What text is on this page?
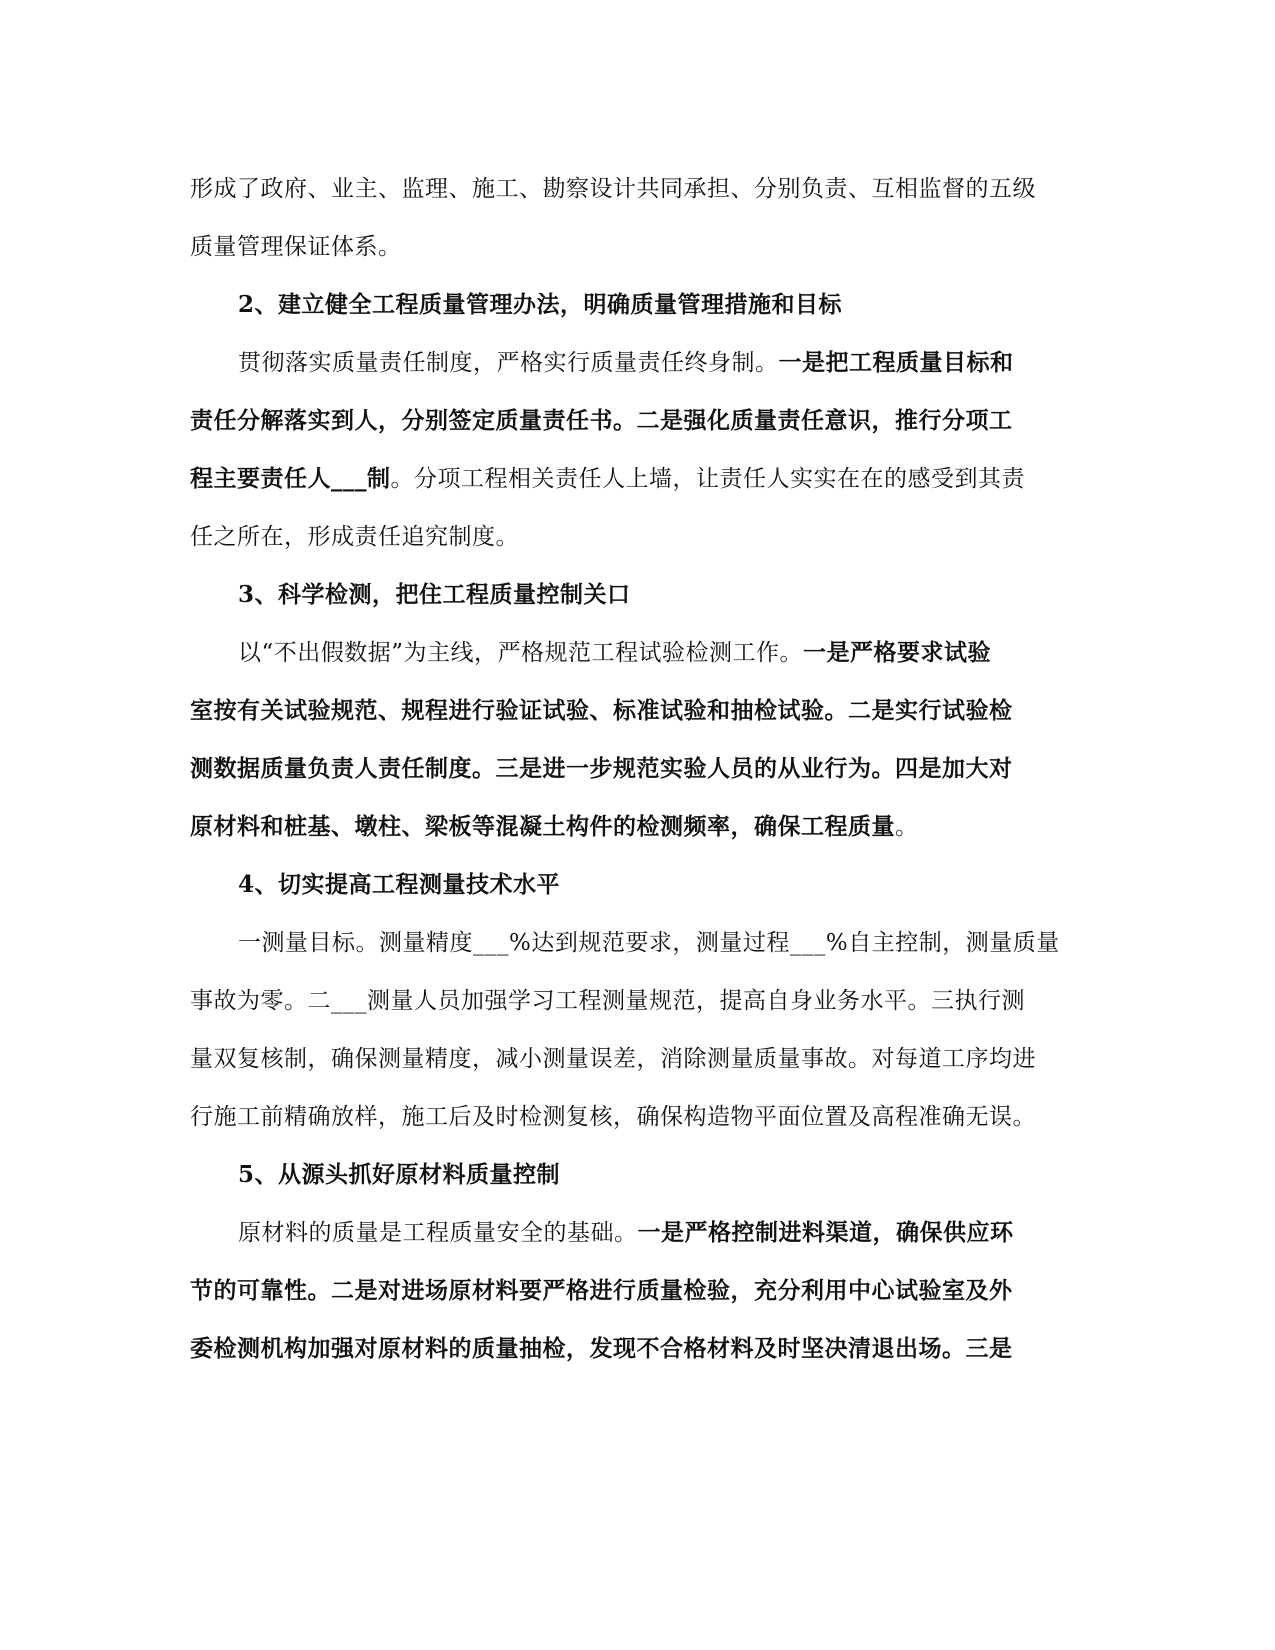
形成了政府、业主、监理、施工、勘察设计共同承担、分别负责、互相监督的五级
质量管理保证体系。
2、建立健全工程质量管理办法，明确质量管理措施和目标
贯彻落实质量责任制度，严格实行质量责任终身制。一是把工程质量目标和
责任分解落实到人，分别签定质量责任书。二是强化质量责任意识，推行分项工
程主要责任人___制。分项工程相关责任人上墙，让责任人实实在在的感受到其责
任之所在，形成责任追究制度。
3、科学检测，把住工程质量控制关口
以“不出假数据”为主线，严格规范工程试验检测工作。一是严格要求试验
室按有关试验规范、规程进行验证试验、标准试验和抽检试验。二是实行试验检
测数据质量负责人责任制度。三是进一步规范实验人员的从业行为。四是加大对
原材料和桩基、墩柱、梁板等混凝土构件的检测频率，确保工程质量。
4、切实提高工程测量技术水平
一测量目标。测量精度___%达到规范要求，测量过程___%自主控制，测量质量
事故为零。二___测量人员加强学习工程测量规范，提高自身业务水平。三执行测
量双复核制，确保测量精度，减小测量误差，消除测量质量事故。对每道工序均进
行施工前精确放样，施工后及时检测复核，确保构造物平面位置及高程准确无误。
5、从源头抓好原材料质量控制
原材料的质量是工程质量安全的基础。一是严格控制进料渠道，确保供应环
节的可靠性。二是对进场原材料要严格进行质量检验，充分利用中心试验室及外
委检测机构加强对原材料的质量抽检，发现不合格材料及时坚决清退出场。三是
